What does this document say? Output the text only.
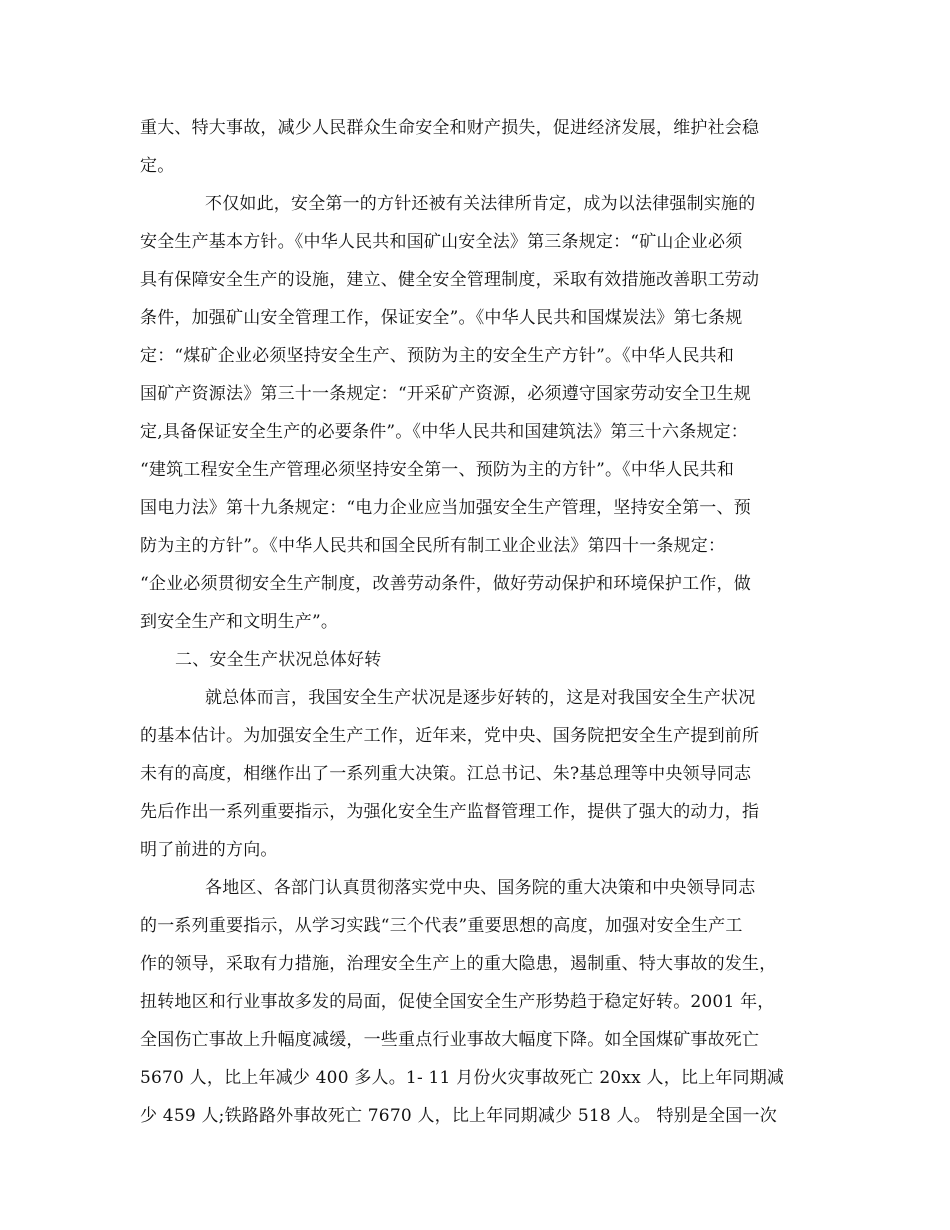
重大、特大事故，减少人民群众生命安全和财产损失，促进经济发展，维护社会稳
定。
不仅如此，安全第一的方针还被有关法律所肯定，成为以法律强制实施的
安全生产基本方针。《中华人民共和国矿山安全法》第三条规定：“矿山企业必须
具有保障安全生产的设施，建立、健全安全管理制度，采取有效措施改善职工劳动
条件，加强矿山安全管理工作，保证安全”。《中华人民共和国煤炭法》第七条规
定：“煤矿企业必须坚持安全生产、预防为主的安全生产方针”。《中华人民共和
国矿产资源法》第三十一条规定：“开采矿产资源，必须遵守国家劳动安全卫生规
定,具备保证安全生产的必要条件”。《中华人民共和国建筑法》第三十六条规定：
“建筑工程安全生产管理必须坚持安全第一、预防为主的方针”。《中华人民共和
国电力法》第十九条规定：“电力企业应当加强安全生产管理，坚持安全第一、预
防为主的方针”。《中华人民共和国全民所有制工业企业法》第四十一条规定：
“企业必须贯彻安全生产制度，改善劳动条件，做好劳动保护和环境保护工作，做
到安全生产和文明生产”。
二、安全生产状况总体好转
就总体而言，我国安全生产状况是逐步好转的，这是对我国安全生产状况
的基本估计。为加强安全生产工作，近年来，党中央、国务院把安全生产提到前所
未有的高度，相继作出了一系列重大决策。江总书记、朱?基总理等中央领导同志
先后作出一系列重要指示，为强化安全生产监督管理工作，提供了强大的动力，指
明了前进的方向。
各地区、各部门认真贯彻落实党中央、国务院的重大决策和中央领导同志
的一系列重要指示，从学习实践“三个代表”重要思想的高度，加强对安全生产工
作的领导，采取有力措施，治理安全生产上的重大隐患，遏制重、特大事故的发生，
扭转地区和行业事故多发的局面，促使全国安全生产形势趋于稳定好转。2001 年，
全国伤亡事故上升幅度减缓，一些重点行业事故大幅度下降。如全国煤矿事故死亡
5670 人，比上年减少 400 多人。1- 11 月份火灾事故死亡 20xx 人，比上年同期减
少 459 人;铁路路外事故死亡 7670 人，比上年同期减少 518 人。 特别是全国一次
